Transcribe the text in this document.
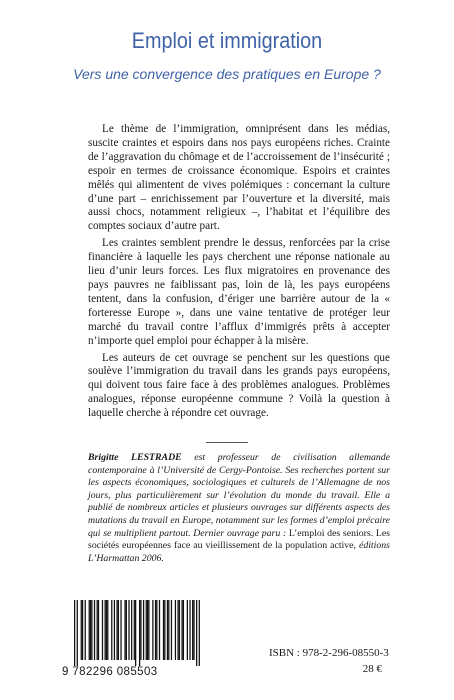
Emploi et immigration
Vers une convergence des pratiques en Europe ?

Le thème de l’immigration, omniprésent dans les médias, suscite craintes et espoirs dans nos pays européens riches. Crainte de l’aggravation du chômage et de l’accroissement de l’insécurité ; espoir en termes de croissance économique. Espoirs et craintes mêlés qui alimentent de vives polémiques : concernant la culture d’une part – enrichissement par l’ouverture et la diversité, mais aussi chocs, notamment religieux –, l’habitat et l’équilibre des comptes sociaux d’autre part.

Les craintes semblent prendre le dessus, renforcées par la crise financière à laquelle les pays cherchent une réponse nationale au lieu d’unir leurs forces. Les flux migratoires en provenance des pays pauvres ne faiblissant pas, loin de là, les pays européens tentent, dans la confusion, d’ériger une barrière autour de la « forteresse Europe », dans une vaine tentative de protéger leur marché du travail contre l’afflux d’immigrés prêts à accepter n’importe quel emploi pour échapper à la misère.

Les auteurs de cet ouvrage se penchent sur les questions que soulève l’immigration du travail dans les grands pays européens, qui doivent tous faire face à des problèmes analogues. Problèmes analogues, réponse européenne commune ? Voilà la question à laquelle cherche à répondre cet ouvrage.

Brigitte LESTRADE est professeur de civilisation allemande contemporaine à l’Université de Cergy-Pontoise. Ses recherches portent sur les aspects économiques, sociologiques et culturels de l’Allemagne de nos jours, plus particulièrement sur l’évolution du monde du travail. Elle a publié de nombreux articles et plusieurs ouvrages sur différents aspects des mutations du travail en Europe, notamment sur les formes d’emploi précaire qui se multiplient partout. Dernier ouvrage paru : L’emploi des seniors. Les sociétés européennes face au vieillissement de la population active, éditions L’Harmattan 2006.
9 782296 085503
ISBN : 978-2-296-08550-3
28 €
